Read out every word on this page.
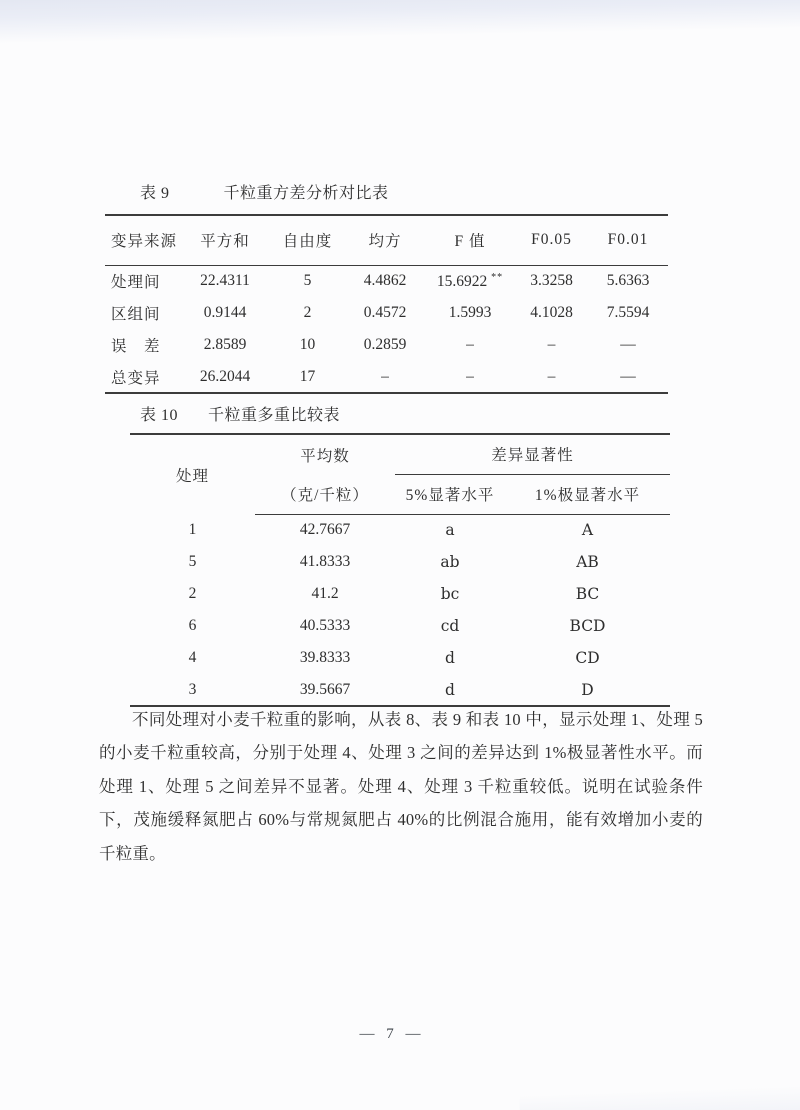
表 9	千粒重方差分析对比表
变异来源	平方和	自由度	均方	F 值	F0.05	F0.01
处理间	22.4311	5	4.4862	15.6922 **	3.3258	5.6363
区组间	0.9144	2	0.4572	1.5993	4.1028	7.5594
误　差	2.8589	10	0.2859	–	–	—
总变异	26.2044	17	–	–	–	—
表 10 千粒重多重比较表
处理	平均数	差异显著性	
	（克/千粒）	5%显著水平	1%极显著水平
1	42.7667	a	A
5	41.8333	ab	AB
2	41.2	bc	BC
6	40.5333	cd	BCD
4	39.8333	d	CD
3	39.5667	d	D

不同处理对小麦千粒重的影响，从表 8、表 9 和表 10 中，显示处理 1、处理 5 的小麦千粒重较高，分别于处理 4、处理 3 之间的差异达到 1%极显著性水平。而处理 1、处理 5 之间差异不显著。处理 4、处理 3 千粒重较低。说明在试验条件下，茂施缓释氮肥占 60%与常规氮肥占 40%的比例混合施用，能有效增加小麦的千粒重。

— 7 —
